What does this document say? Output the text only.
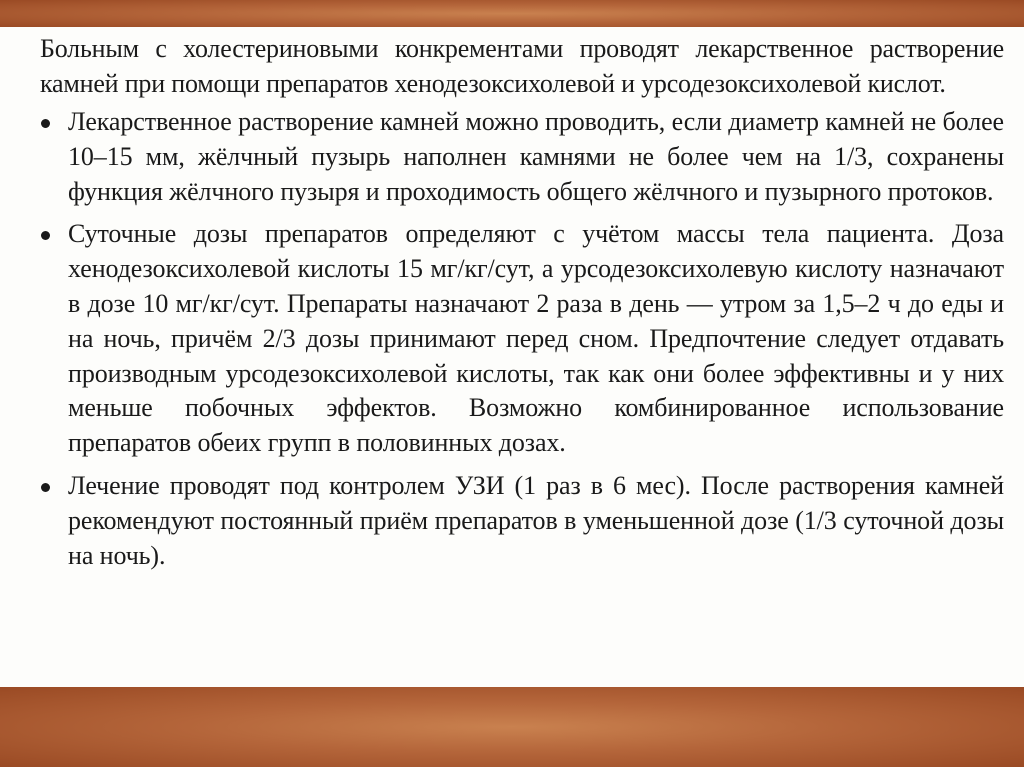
Больным с холестериновыми конкрементами проводят лекарственное растворение камней при помощи препаратов хенодезоксихолевой и урсодезоксихолевой кислот.

Лекарственное растворение камней можно проводить, если диаметр камней не более 10–15 мм, жёлчный пузырь наполнен камнями не более чем на 1/3, сохранены функция жёлчного пузыря и проходимость общего жёлчного и пузырного протоков.
Суточные дозы препаратов определяют с учётом массы тела пациента. Доза хенодезоксихолевой кислоты 15 мг/кг/сут, а урсодезоксихолевую кислоту назначают в дозе 10 мг/кг/сут. Препараты назначают 2 раза в день — утром за 1,5–2 ч до еды и на ночь, причём 2/3 дозы принимают перед сном. Предпочтение следует отдавать производным урсодезоксихолевой кислоты, так как они более эффективны и у них меньше побочных эффектов. Возможно комбинированное использование препаратов обеих групп в половинных дозах.
Лечение проводят под контролем УЗИ (1 раз в 6 мес). После растворения камней рекомендуют постоянный приём препаратов в уменьшенной дозе (1/3 суточной дозы на ночь).
